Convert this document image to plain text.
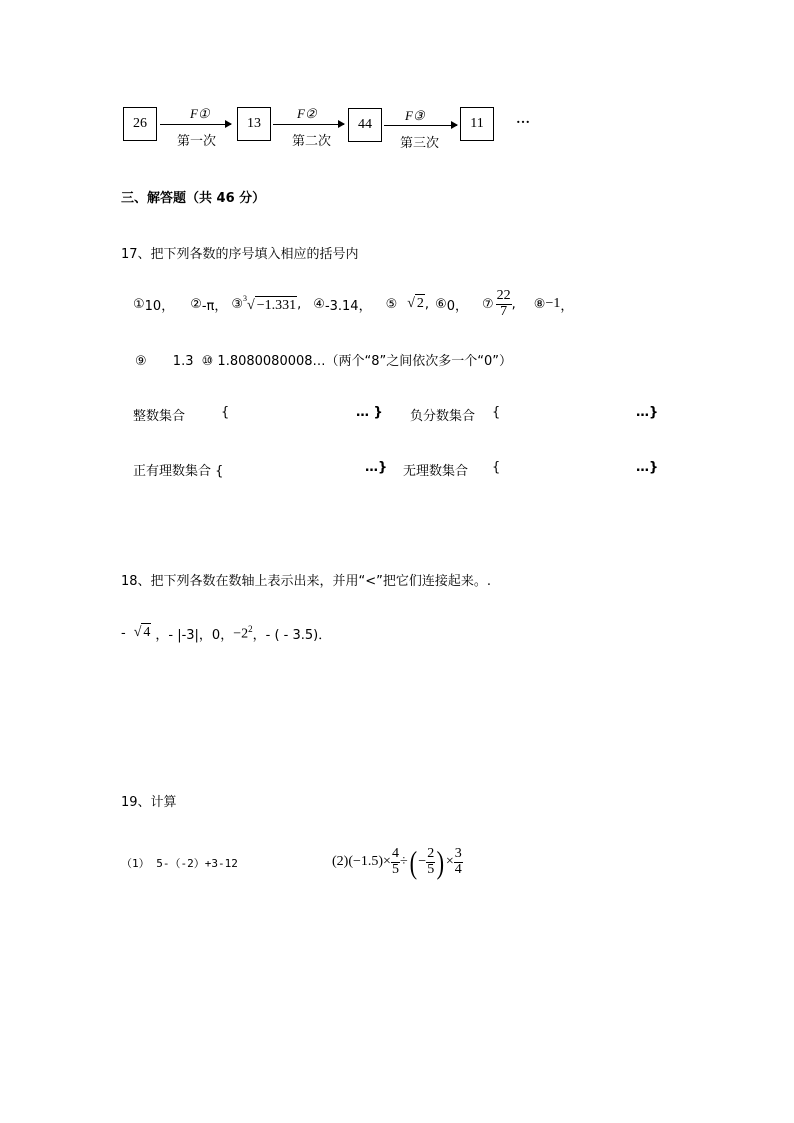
26
F①
第一次
13
F②
第二次
44
F③
第三次
11 …
三、解答题（共 46 分）
17、把下列各数的序号填入相应的括号内
① 10， ② -π， ③ $^3$√ −1.331 , ④ -3.14， ⑤ √ 2 , ⑥ 0， ⑦ $\frac{22}{7}$ , ⑧ −1 ，
⑨ 1.3 ⑩ 1.8080080008…（两个“8”之间依次多一个“0”）
整数集合	{	… } 负分数集合 {	…}
正有理数集合 {	…} 无理数集合 {	…}
18、把下列各数在数轴上表示出来，并用“<”把它们连接起来。.
- √ 4 ，- |-3|，0， $-2^2$ ，- ( - 3.5)．
19、计算
（1） 5-（-2）+3-12	(2) $(-1.5)\times \frac{4}{5}$ ÷ ( − $\frac{2}{5}$ ) × $\frac{3}{4}$
